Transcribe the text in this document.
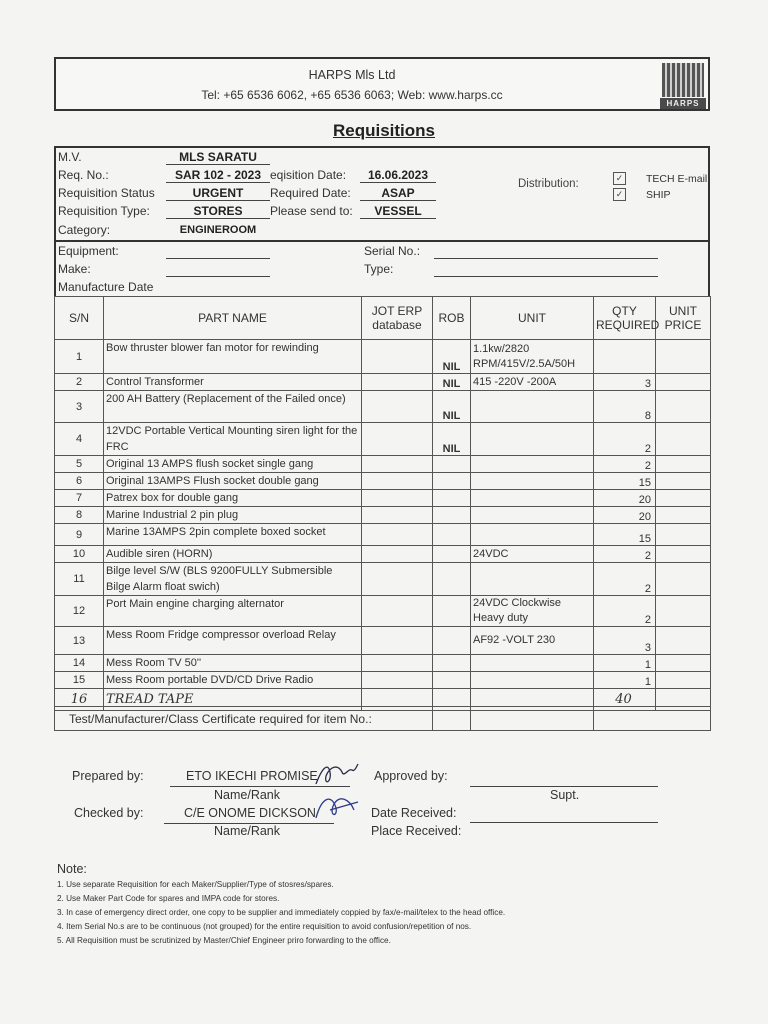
HARPS Mls Ltd
Tel: +65 6536 6062, +65 6536 6063; Web: www.harps.cc
HARPS
Requisitions
M.V.	MLS SARATU
Req. No.:	SAR 102 - 2023 eqisition Date:	16.06.2023
Requisition Status	URGENT	Required Date:	ASAP
Requisition Type:	STORES	Please send to:	VESSEL
Category:	ENGINEROOM
Distribution:	✓ TECH E-mail
✓ SHIP
Equipment:
Make:
Manufacture Date
Serial No.:
Type:
S/N	PART NAME	JOT ERP database	ROB	UNIT	QTY REQUIRED	UNIT PRICE
1	Bow thruster blower fan motor for rewinding		NIL	1.1kw/2820 RPM/415V/2.5A/50H		
2	Control Transformer		NIL	415 -220V -200A	3	
3	200 AH Battery (Replacement of the Failed once)		NIL		8	
4	12VDC Portable Vertical Mounting siren light for the FRC		NIL		2	
5	Original 13 AMPS flush socket single gang				2	
6	Original 13AMPS Flush socket double gang				15	
7	Patrex box for double gang				20	
8	Marine Industrial 2 pin plug				20	
9	Marine 13AMPS 2pin complete boxed socket				15	
10	Audible siren (HORN)			24VDC	2	
11	Bilge level S/W (BLS 9200FULLY Submersible Bilge Alarm float swich)				2	
12	Port Main engine charging alternator			24VDC Clockwise Heavy duty	2	
13	Mess Room Fridge compressor overload Relay			AF92 -VOLT 230	3	
14	Mess Room TV 50''				1	
15	Mess Room portable DVD/CD Drive Radio				1	
16	TREAD TAPE				40	
Test/Manufacturer/Class Certificate required for item No.:			
Prepared by:	ETO IKECHI PROMISE	Approved by:
Name/Rank	Supt.
Checked by:	C/E ONOME DICKSON	Date Received:
Name/Rank	Place Received:
Note:
1. Use separate Requisition for each Maker/Supplier/Type of stosres/spares.
2. Use Maker Part Code for spares and IMPA code for stores.
3. In case of emergency direct order, one copy to be supplier and immediately coppied by fax/e-mail/telex to the head office.
4. Item Serial No.s are to be continuous (not grouped) for the entire requisition to avoid confusion/repetition of nos.
5. All Requisition must be scrutinized by Master/Chief Engineer priro forwarding to the office.
